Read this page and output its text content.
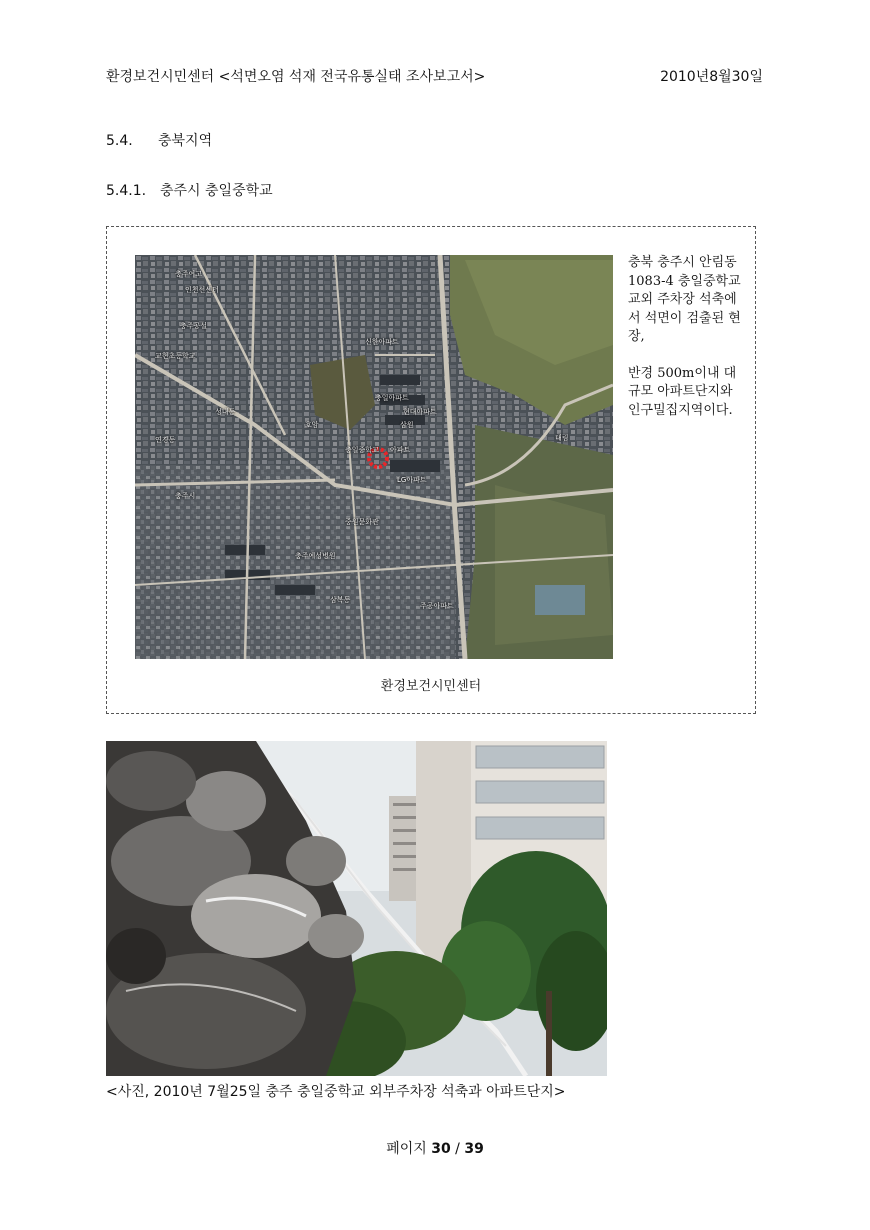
환경보건시민센터 <석면오염 석재 전국유통실태 조사보고서>	2010년8월30일
5.4. 충북지역
5.4.1. 충주시 충일중학교
충주여고
인천선센터
충주공설
교현초등학교
성내동
충일중학교 아파트
충일아파트
LG아파트
현대아파트
삼원
충주시
중원문화관
연경동
호암
신한아파트
대림
충주예성병원
삼복동
주공아파트

충북 충주시 안림동 1083-4 충일중학교 교외 주차장 석축에서 석면이 검출된 현장,

반경 500m이내 대규모 아파트단지와 인구밀집지역이다.

환경보건시민센터
<사진, 2010년 7월25일 충주 충일중학교 외부주차장 석축과 아파트단지>
페이지 30 / 39
